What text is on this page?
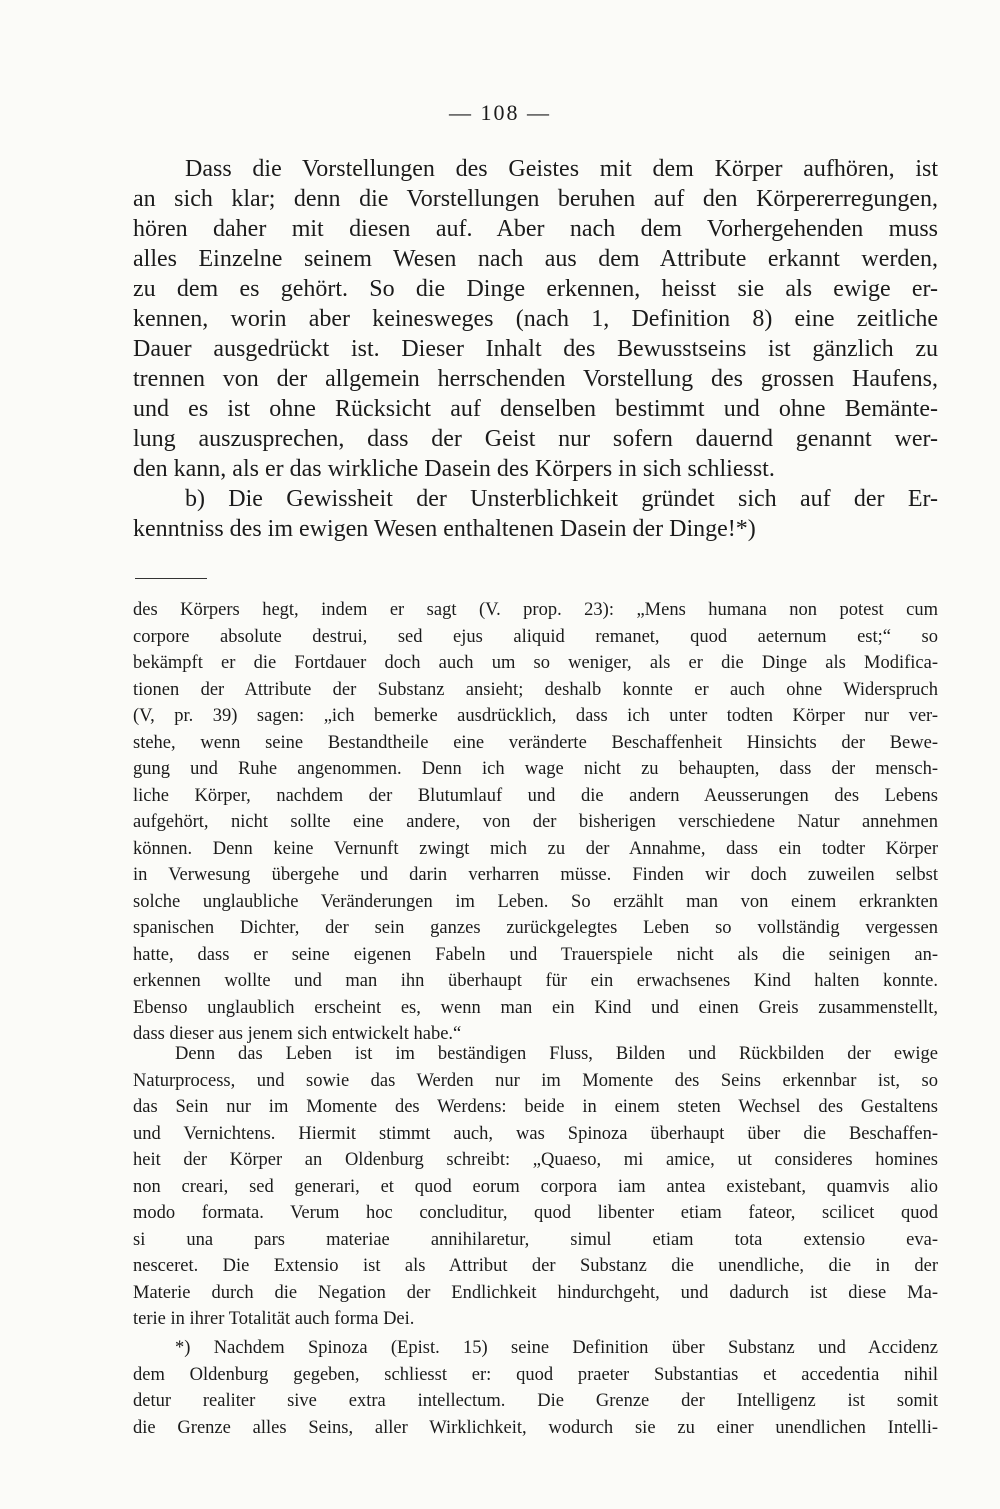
— 108 —
Dass die Vorstellungen des Geistes mit dem Körper aufhören, ist
an sich klar; denn die Vorstellungen beruhen auf den Körpererregungen,
hören daher mit diesen auf. Aber nach dem Vorhergehenden muss
alles Einzelne seinem Wesen nach aus dem Attribute erkannt werden,
zu dem es gehört. So die Dinge erkennen, heisst sie als ewige er-
kennen, worin aber keinesweges (nach 1, Definition 8) eine zeitliche
Dauer ausgedrückt ist. Dieser Inhalt des Bewusstseins ist gänzlich zu
trennen von der allgemein herrschenden Vorstellung des grossen Haufens,
und es ist ohne Rücksicht auf denselben bestimmt und ohne Bemänte-
lung auszusprechen, dass der Geist nur sofern dauernd genannt wer-
den kann, als er das wirkliche Dasein des Körpers in sich schliesst.
b) Die Gewissheit der Unsterblichkeit gründet sich auf der Er-
kenntniss des im ewigen Wesen enthaltenen Dasein der Dinge!*)
des Körpers hegt, indem er sagt (V. prop. 23): „Mens humana non potest cum
corpore absolute destrui, sed ejus aliquid remanet, quod aeternum est;“ so
bekämpft er die Fortdauer doch auch um so weniger, als er die Dinge als Modifica-
tionen der Attribute der Substanz ansieht; deshalb konnte er auch ohne Widerspruch
(V, pr. 39) sagen: „ich bemerke ausdrücklich, dass ich unter todten Körper nur ver-
stehe, wenn seine Bestandtheile eine veränderte Beschaffenheit Hinsichts der Bewe-
gung und Ruhe angenommen. Denn ich wage nicht zu behaupten, dass der mensch-
liche Körper, nachdem der Blutumlauf und die andern Aeusserungen des Lebens
aufgehört, nicht sollte eine andere, von der bisherigen verschiedene Natur annehmen
können. Denn keine Vernunft zwingt mich zu der Annahme, dass ein todter Körper
in Verwesung übergehe und darin verharren müsse. Finden wir doch zuweilen selbst
solche unglaubliche Veränderungen im Leben. So erzählt man von einem erkrankten
spanischen Dichter, der sein ganzes zurückgelegtes Leben so vollständig vergessen
hatte, dass er seine eigenen Fabeln und Trauerspiele nicht als die seinigen an-
erkennen wollte und man ihn überhaupt für ein erwachsenes Kind halten konnte.
Ebenso unglaublich erscheint es, wenn man ein Kind und einen Greis zusammenstellt,
dass dieser aus jenem sich entwickelt habe.“
Denn das Leben ist im beständigen Fluss, Bilden und Rückbilden der ewige
Naturprocess, und sowie das Werden nur im Momente des Seins erkennbar ist, so
das Sein nur im Momente des Werdens: beide in einem steten Wechsel des Gestaltens
und Vernichtens. Hiermit stimmt auch, was Spinoza überhaupt über die Beschaffen-
heit der Körper an Oldenburg schreibt: „Quaeso, mi amice, ut consideres homines
non creari, sed generari, et quod eorum corpora iam antea existebant, quamvis alio
modo formata. Verum hoc concluditur, quod libenter etiam fateor, scilicet quod
si una pars materiae annihilaretur, simul etiam tota extensio eva-
nesceret. Die Extensio ist als Attribut der Substanz die unendliche, die in der
Materie durch die Negation der Endlichkeit hindurchgeht, und dadurch ist diese Ma-
terie in ihrer Totalität auch forma Dei.
*) Nachdem Spinoza (Epist. 15) seine Definition über Substanz und Accidenz
dem Oldenburg gegeben, schliesst er: quod praeter Substantias et accedentia nihil
detur realiter sive extra intellectum. Die Grenze der Intelligenz ist somit
die Grenze alles Seins, aller Wirklichkeit, wodurch sie zu einer unendlichen Intelli-
